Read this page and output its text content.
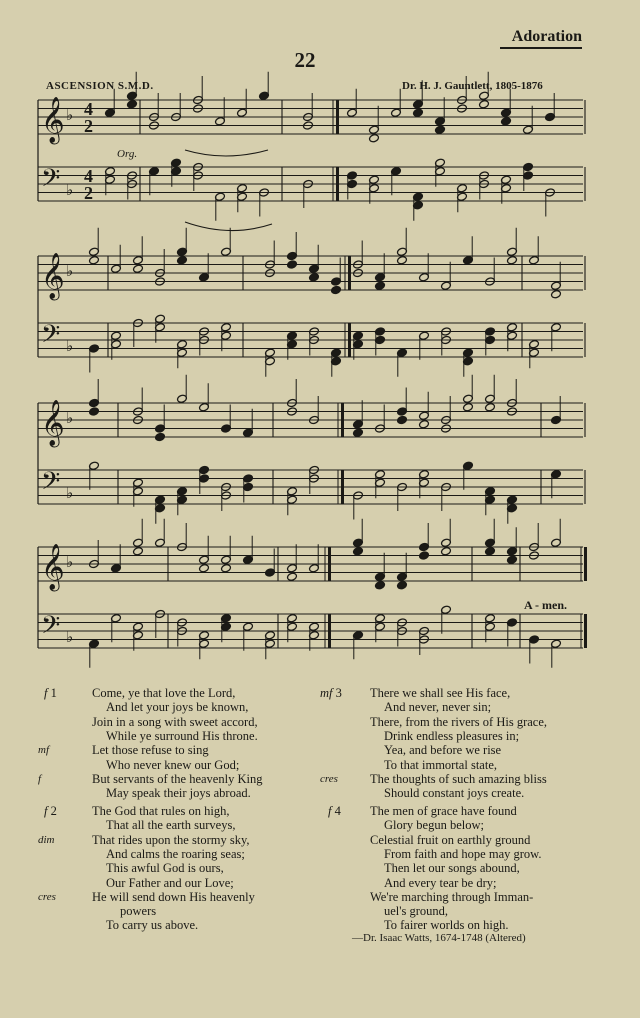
Adoration
22
ASCENSION S.M.D.	Dr. H. J. Gauntlett, 1805-1876
𝄞 ♭ 4
2
𝄢 ♭
4
2
𝄞 ♭
𝄢 ♭
𝄞 ♭
𝄢 ♭
𝄞 ♭
𝄢 ♭
Org.
A - men.
f 1	Come, ye that love the Lord,
And let your joys be known,
Join in a song with sweet accord,
While ye surround His throne.
Let those refuse to sing
mf
Who never knew our God;
But servants of the heavenly King
f
May speak their joys abroad.
f 2	The God that rules on high,
That all the earth surveys,
That rides upon the stormy sky,
dim
And calms the roaring seas;
This awful God is ours,
Our Father and our Love;
He will send down His heavenly
cres
powers
To carry us above.
mf 3 There we shall see His face,
And never, never sin;
There, from the rivers of His grace,
Drink endless pleasures in;
Yea, and before we rise
To that immortal state,
The thoughts of such amazing bliss
cres
Should constant joys create.
f 4 The men of grace have found
Glory begun below;
Celestial fruit on earthly ground
From faith and hope may grow.
Then let our songs abound,
And every tear be dry;
We're marching through Imman-
uel's ground,
To fairer worlds on high.
—Dr. Isaac Watts, 1674-1748 (Altered)
